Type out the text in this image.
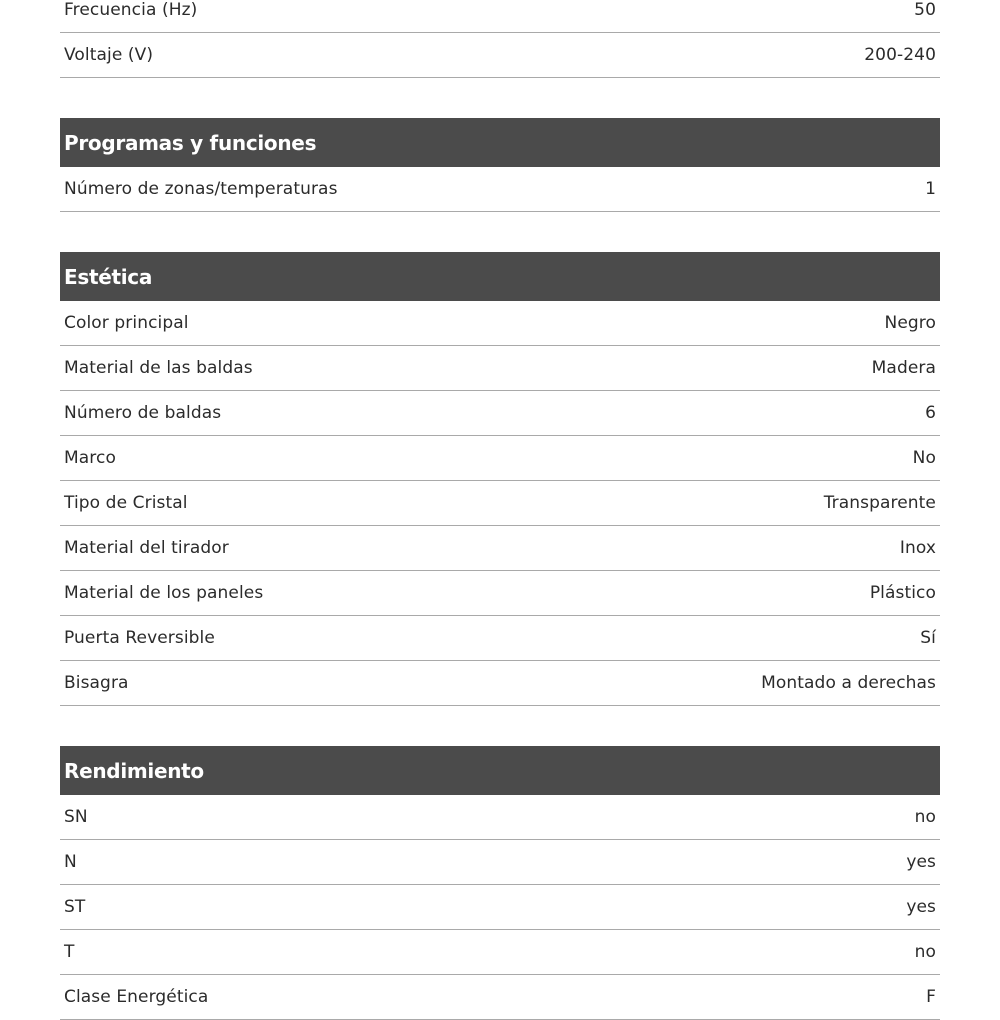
Frecuencia (Hz)	50
Voltaje (V)	200-240
Programas y funciones
Número de zonas/temperaturas	1
Estética
Color principal	Negro
Material de las baldas	Madera
Número de baldas	6
Marco	No
Tipo de Cristal	Transparente
Material del tirador	Inox
Material de los paneles	Plástico
Puerta Reversible	Sí
Bisagra	Montado a derechas
Rendimiento
SN	no
N	yes
ST	yes
T	no
Clase Energética	F
